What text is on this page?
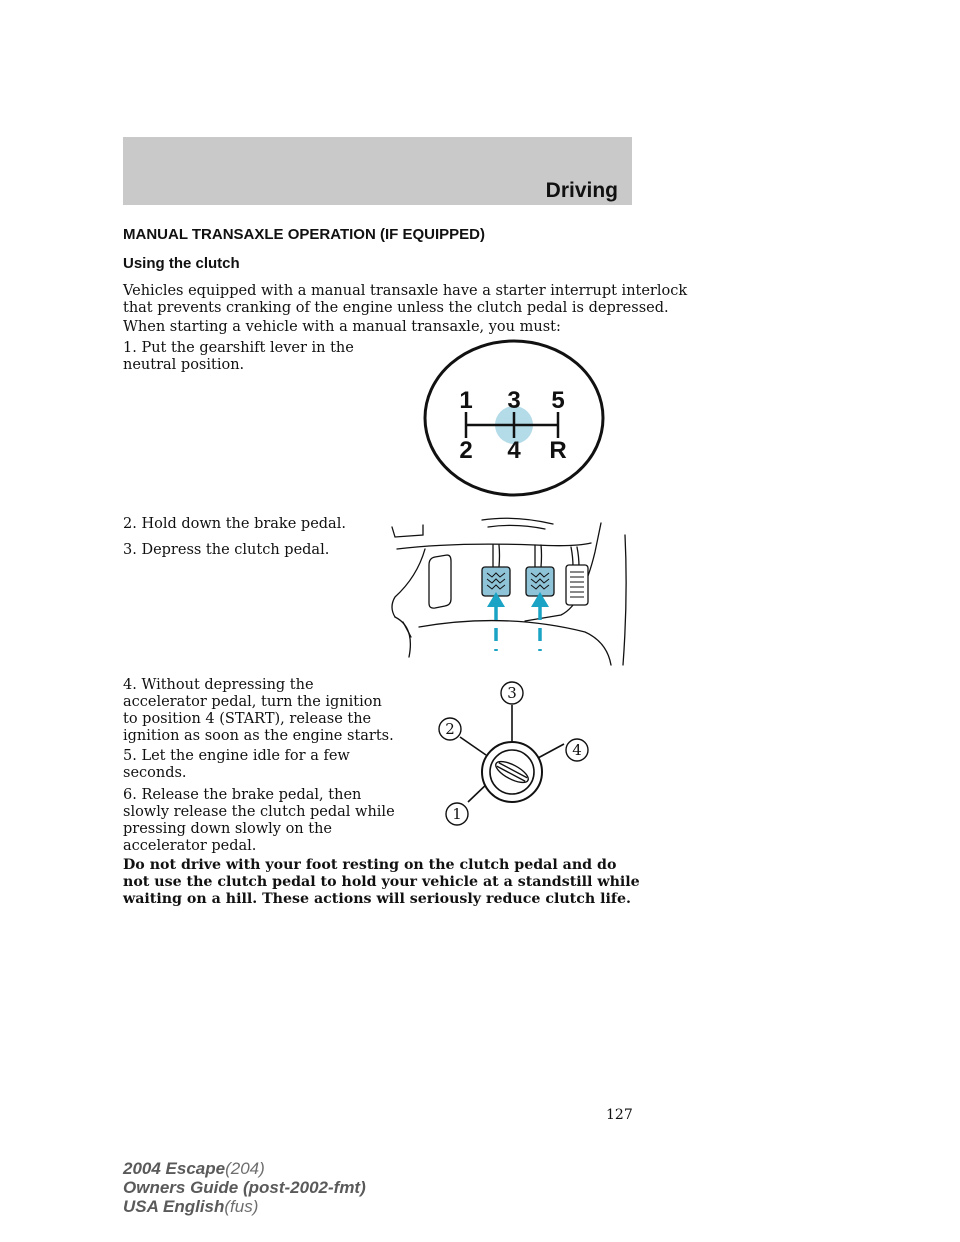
Driving
MANUAL TRANSAXLE OPERATION (IF EQUIPPED)
Using the clutch
Vehicles equipped with a manual transaxle have a starter interrupt interlock
that prevents cranking of the engine unless the clutch pedal is depressed.
When starting a vehicle with a manual transaxle, you must:
1. Put the gearshift lever in the
neutral position.
2. Hold down the brake pedal.
3. Depress the clutch pedal.
4. Without depressing the
accelerator pedal, turn the ignition
to position 4 (START), release the
ignition as soon as the engine starts.
5. Let the engine idle for a few
seconds.
6. Release the brake pedal, then
slowly release the clutch pedal while
pressing down slowly on the
accelerator pedal.
Do not drive with your foot resting on the clutch pedal and do
not use the clutch pedal to hold your vehicle at a standstill while
waiting on a hill. These actions will seriously reduce clutch life.
1 3 5
2 4 R
3
2
4
1
127
2004 Escape(204)
Owners Guide (post-2002-fmt)
USA English(fus)
